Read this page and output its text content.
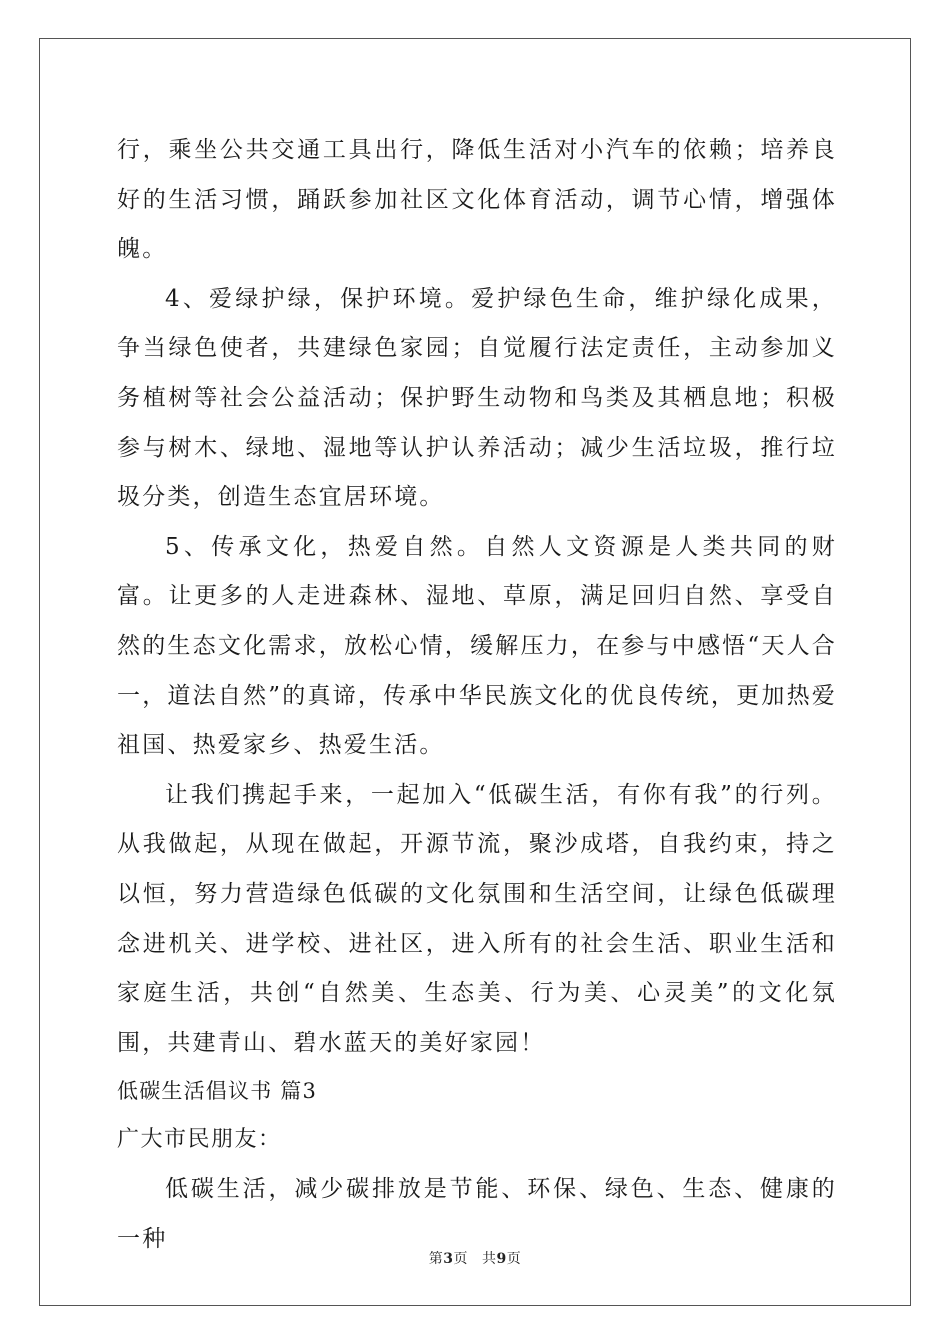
行，乘坐公共交通工具出行，降低生活对小汽车的依赖；培养良好的生活习惯，踊跃参加社区文化体育活动，调节心情，增强体魄。

4、爱绿护绿，保护环境。爱护绿色生命，维护绿化成果，争当绿色使者，共建绿色家园；自觉履行法定责任，主动参加义务植树等社会公益活动；保护野生动物和鸟类及其栖息地；积极参与树木、绿地、湿地等认护认养活动；减少生活垃圾，推行垃圾分类，创造生态宜居环境。

5、传承文化，热爱自然。自然人文资源是人类共同的财富。让更多的人走进森林、湿地、草原，满足回归自然、享受自然的生态文化需求，放松心情，缓解压力，在参与中感悟“天人合一，道法自然”的真谛，传承中华民族文化的优良传统，更加热爱祖国、热爱家乡、热爱生活。

让我们携起手来，一起加入“低碳生活，有你有我”的行列。从我做起，从现在做起，开源节流，聚沙成塔，自我约束，持之以恒，努力营造绿色低碳的文化氛围和生活空间，让绿色低碳理念进机关、进学校、进社区，进入所有的社会生活、职业生活和家庭生活，共创“自然美、生态美、行为美、心灵美”的文化氛围，共建青山、碧水蓝天的美好家园！

低碳生活倡议书 篇3

广大市民朋友：

低碳生活，减少碳排放是节能、环保、绿色、生态、健康的一种

第3页 共9页
